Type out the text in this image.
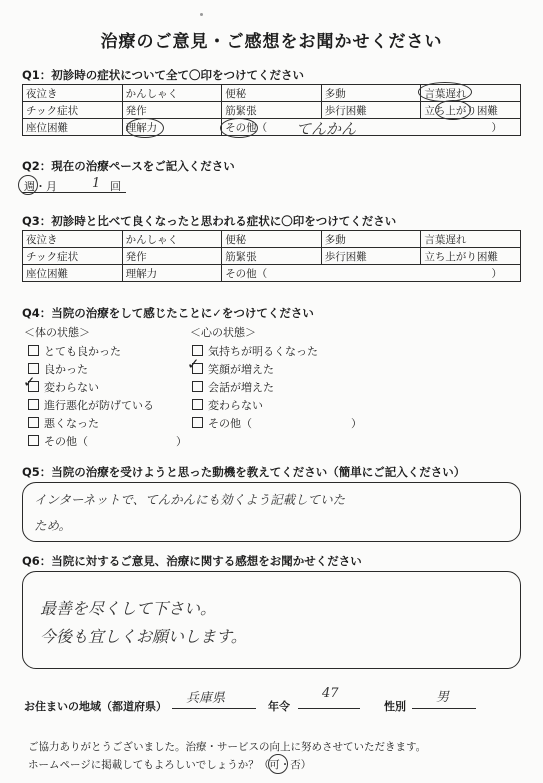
治療のご意見・ご感想をお聞かせください
Q1：初診時の症状について全て〇印をつけてください
夜泣き	かんしゃく	便秘	多動	言葉遅れ
チック症状	発作	筋緊張	歩行困難	立ち上がり困難
座位困難	理解力	その他（ ）		
てんかん
Q2：現在の治療ペースをご記入ください
週・月	1 回
Q3：初診時と比べて良くなったと思われる症状に〇印をつけてください
夜泣き	かんしゃく	便秘	多動	言葉遅れ
チック症状	発作	筋緊張	歩行困難	立ち上がり困難
座位困難	理解力	その他（ ）		
Q4：当院の治療をして感じたことに✓をつけてください
＜体の状態＞	＜心の状態＞
とても良かった
良かった
変わらない
進行悪化が防げている
悪くなった
その他（　　　　　　　　）
気持ちが明るくなった
笑顔が増えた
会話が増えた
変わらない
その他（　　　　　　　　　）
✓
✓
Q5：当院の治療を受けようと思った動機を教えてください（簡単にご記入ください）
インターネットで、てんかんにも効くよう記載していた
ため。
Q6：当院に対するご意見、治療に関する感想をお聞かせください
最善を尽くして下さい。
今後も宜しくお願いします。
お住まいの地域（都道府県）
兵庫県
年令
47
性別
男
ご協力ありがとうございました。治療・サービスの向上に努めさせていただきます。
ホームページに掲載してもよろしいでしょうか？（可・否）
